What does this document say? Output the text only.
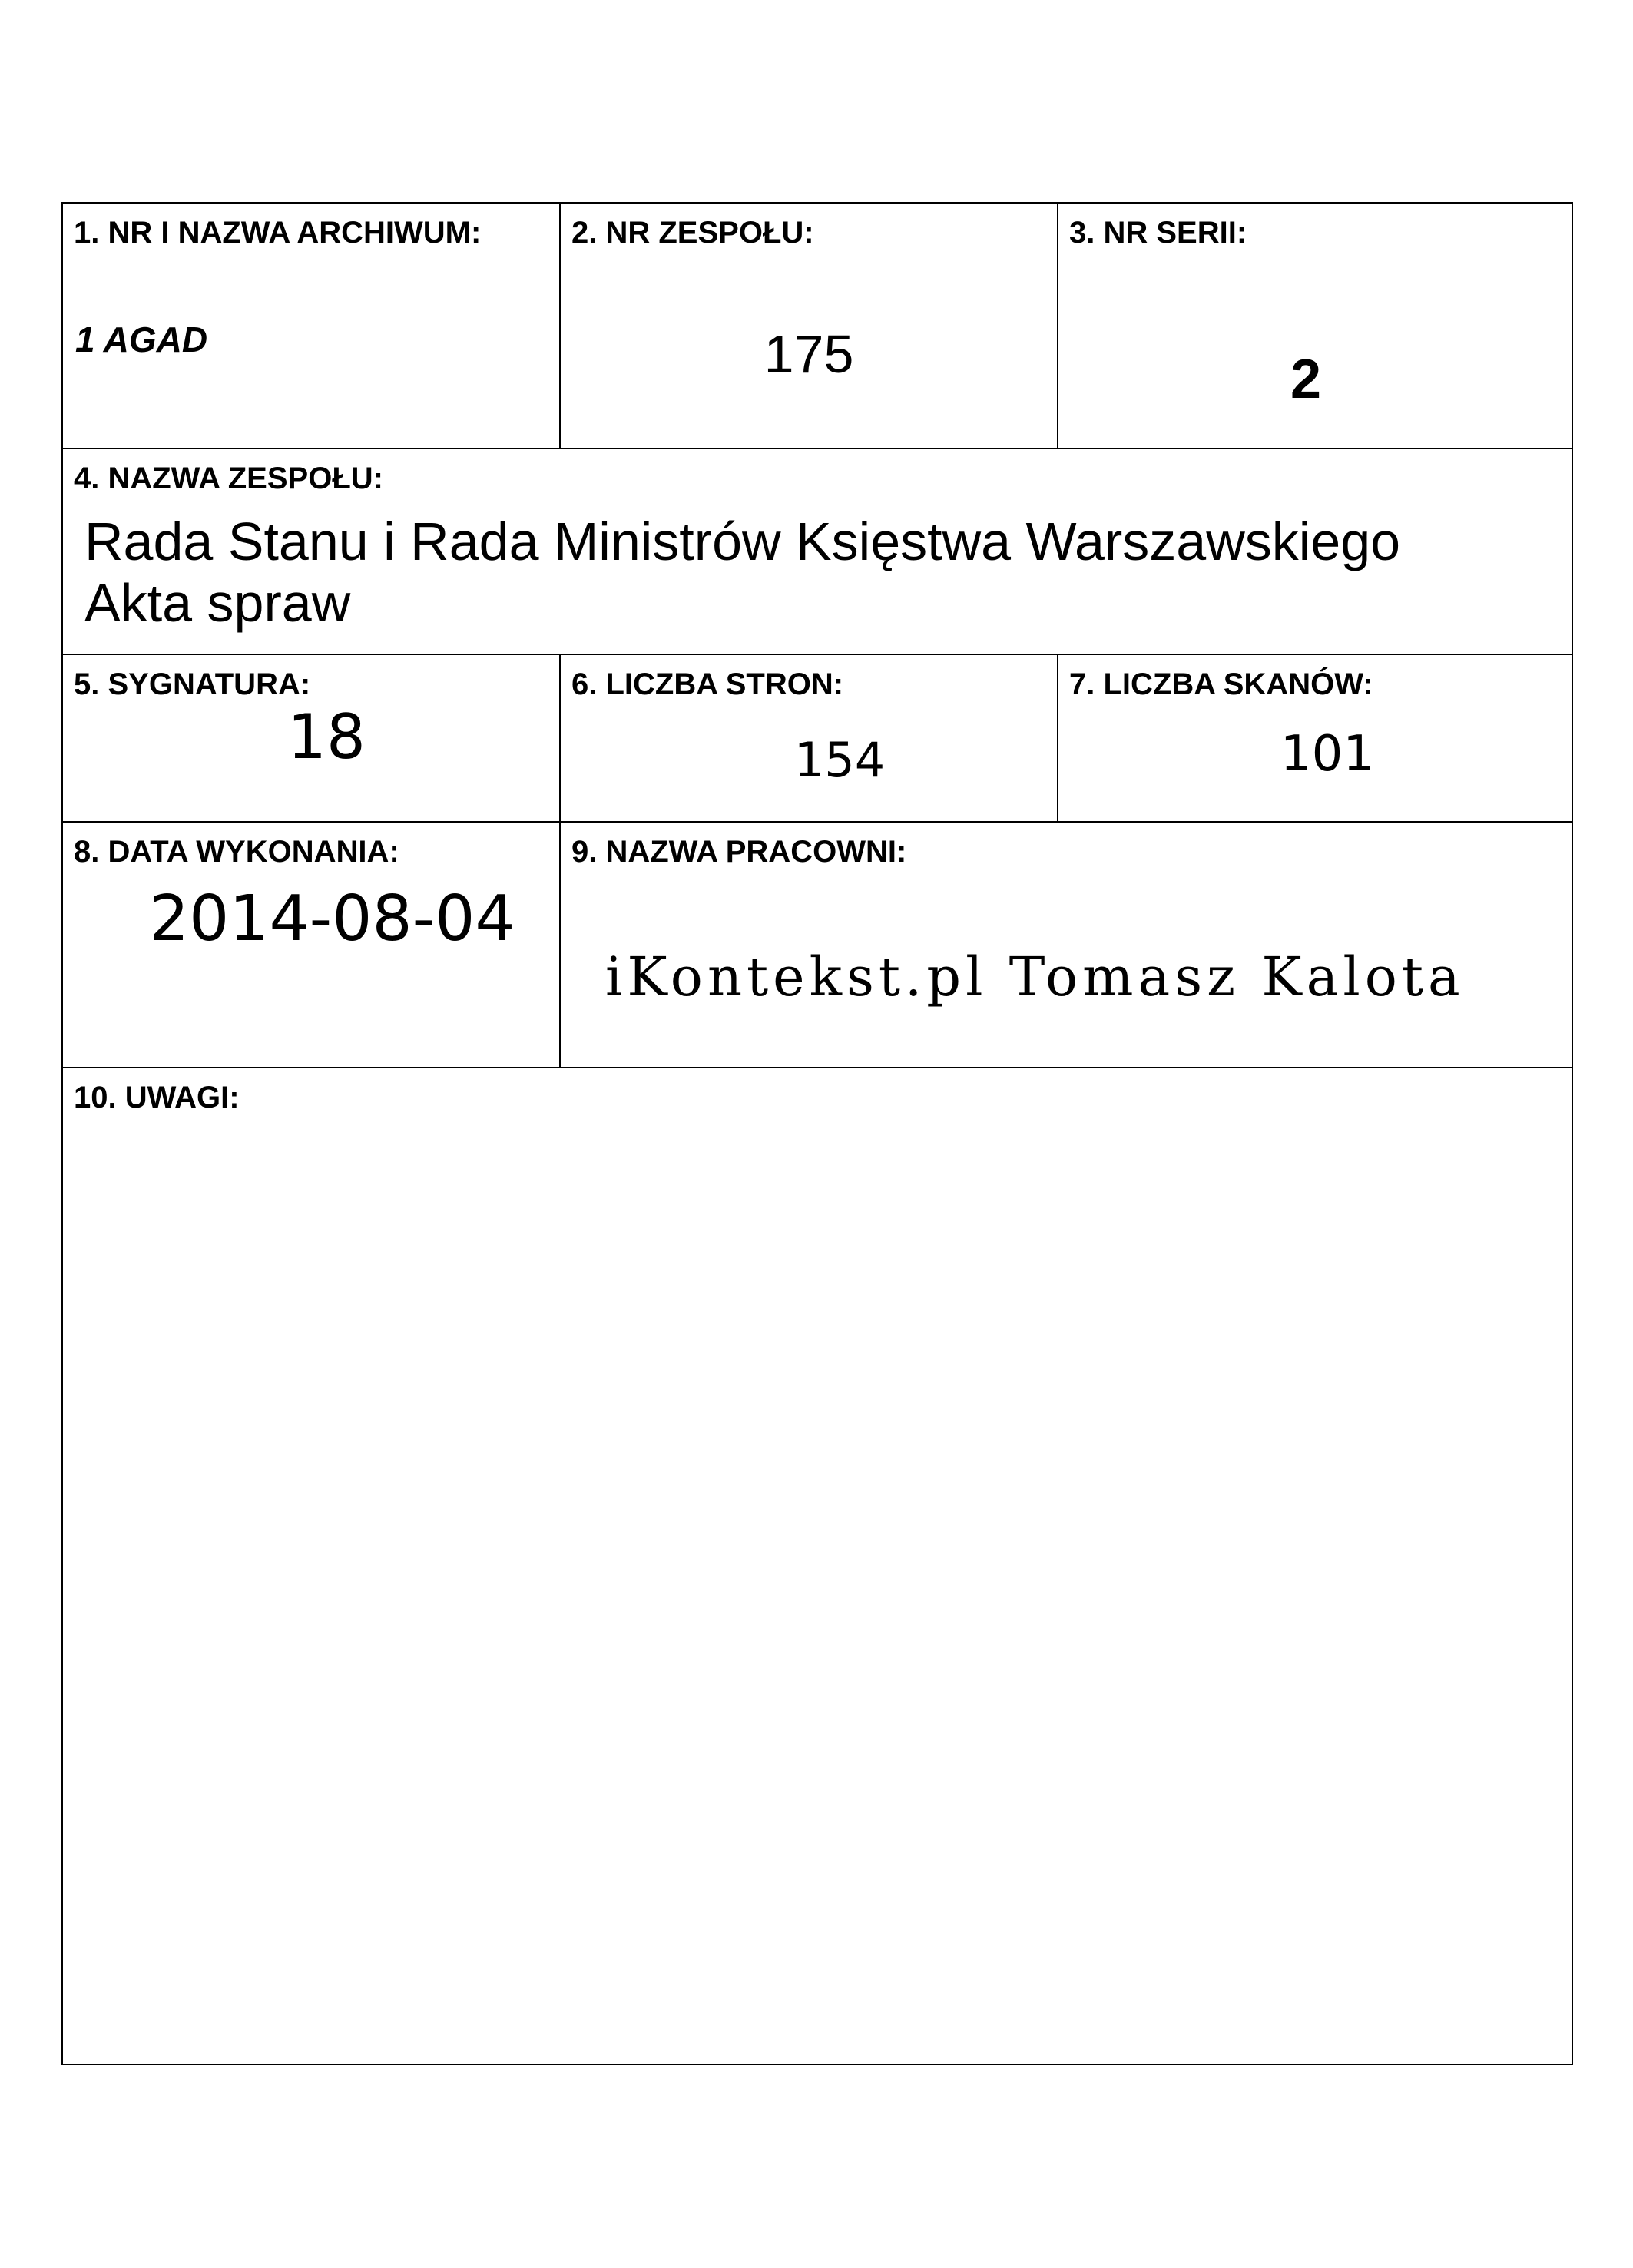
1. NR I NAZWA ARCHIWUM:
1 AGAD
2. NR ZESPOŁU:
175
3. NR SERII:
2
4. NAZWA ZESPOŁU:
Rada Stanu i Rada Ministrów Księstwa Warszawskiego
Akta spraw
5. SYGNATURA:
18
6. LICZBA STRON:
154
7. LICZBA SKANÓW:
101
8. DATA WYKONANIA:
2014-08-04
9. NAZWA PRACOWNI:
iKontekst.pl Tomasz Kalota
10. UWAGI:
